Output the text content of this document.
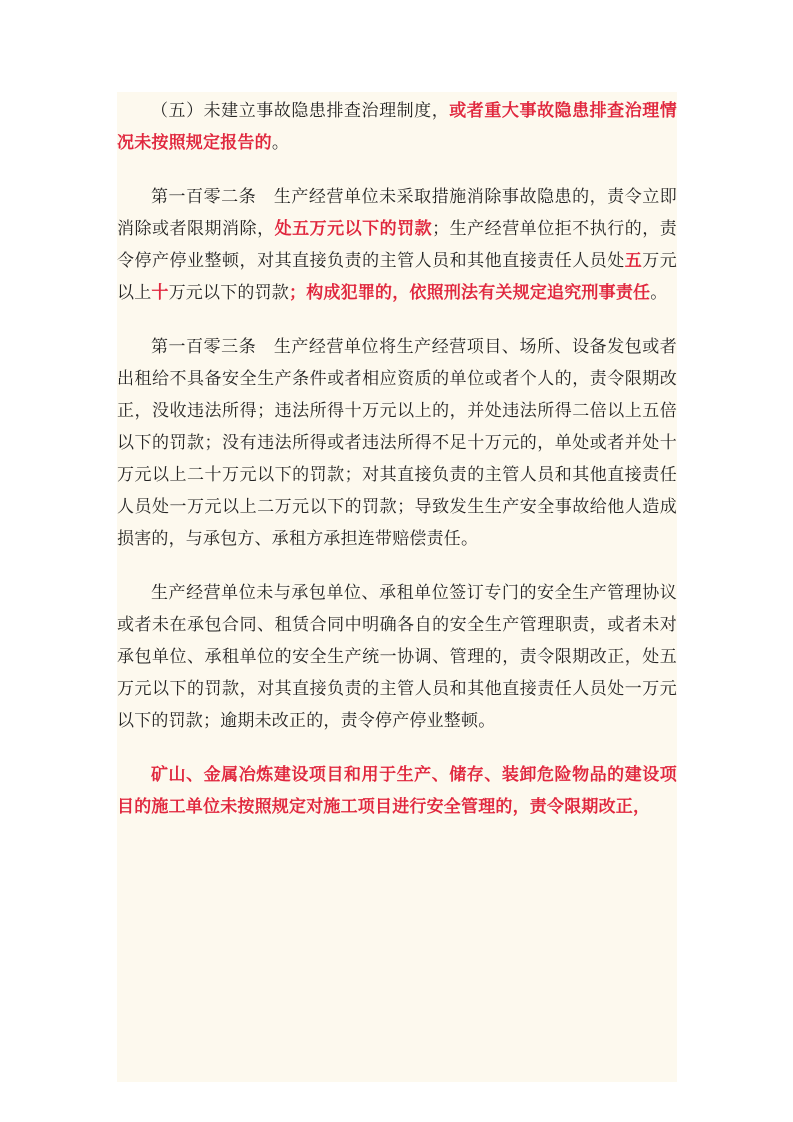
（五）未建立事故隐患排查治理制度，或者重大事故隐患排查治理情况未按照规定报告的。

第一百零二条　生产经营单位未采取措施消除事故隐患的，责令立即消除或者限期消除，处五万元以下的罚款；生产经营单位拒不执行的，责令停产停业整顿，对其直接负责的主管人员和其他直接责任人员处五万元以上十万元以下的罚款；构成犯罪的，依照刑法有关规定追究刑事责任。

第一百零三条　生产经营单位将生产经营项目、场所、设备发包或者出租给不具备安全生产条件或者相应资质的单位或者个人的，责令限期改正，没收违法所得；违法所得十万元以上的，并处违法所得二倍以上五倍以下的罚款；没有违法所得或者违法所得不足十万元的，单处或者并处十万元以上二十万元以下的罚款；对其直接负责的主管人员和其他直接责任人员处一万元以上二万元以下的罚款；导致发生生产安全事故给他人造成损害的，与承包方、承租方承担连带赔偿责任。

生产经营单位未与承包单位、承租单位签订专门的安全生产管理协议或者未在承包合同、租赁合同中明确各自的安全生产管理职责，或者未对承包单位、承租单位的安全生产统一协调、管理的，责令限期改正，处五万元以下的罚款，对其直接负责的主管人员和其他直接责任人员处一万元以下的罚款；逾期未改正的，责令停产停业整顿。

矿山、金属冶炼建设项目和用于生产、储存、装卸危险物品的建设项目的施工单位未按照规定对施工项目进行安全管理的，责令限期改正，
